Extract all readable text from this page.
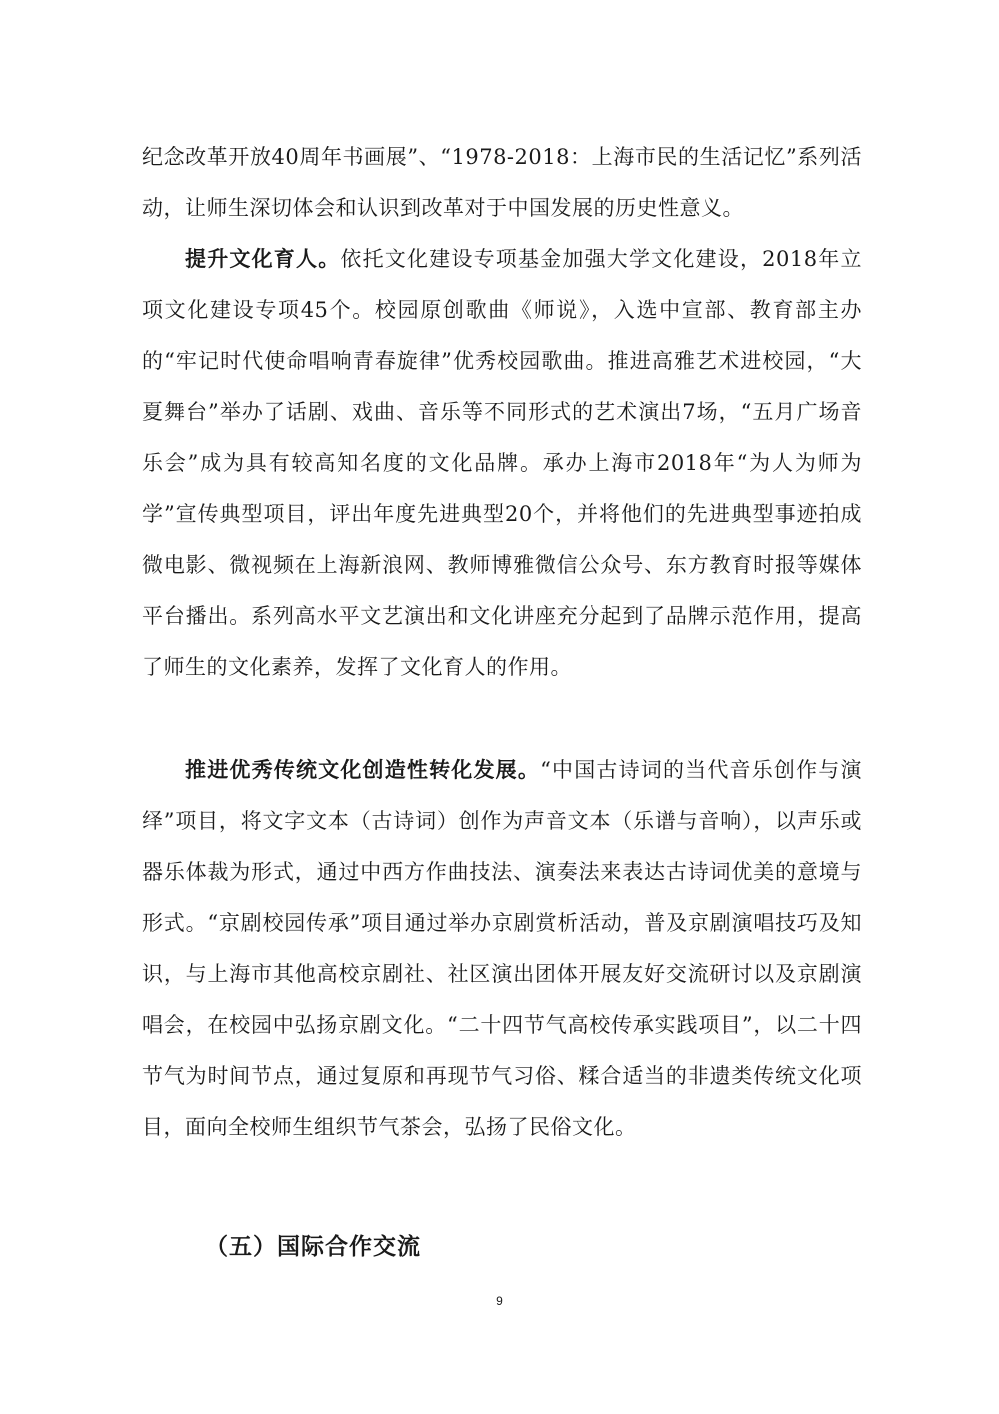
纪念改革开放40周年书画展”、“1978-2018：上海市民的生活记忆”系列活动，让师生深切体会和认识到改革对于中国发展的历史性意义。

提升文化育人。依托文化建设专项基金加强大学文化建设，2018年立项文化建设专项45个。校园原创歌曲《师说》，入选中宣部、教育部主办的“牢记时代使命唱响青春旋律”优秀校园歌曲。推进高雅艺术进校园，“大夏舞台”举办了话剧、戏曲、音乐等不同形式的艺术演出7场，“五月广场音乐会”成为具有较高知名度的文化品牌。承办上海市2018年“为人为师为学”宣传典型项目，评出年度先进典型20个，并将他们的先进典型事迹拍成微电影、微视频在上海新浪网、教师博雅微信公众号、东方教育时报等媒体平台播出。系列高水平文艺演出和文化讲座充分起到了品牌示范作用，提高了师生的文化素养，发挥了文化育人的作用。

推进优秀传统文化创造性转化发展。“中国古诗词的当代音乐创作与演绎”项目，将文字文本（古诗词）创作为声音文本（乐谱与音响），以声乐或器乐体裁为形式，通过中西方作曲技法、演奏法来表达古诗词优美的意境与形式。“京剧校园传承”项目通过举办京剧赏析活动，普及京剧演唱技巧及知识，与上海市其他高校京剧社、社区演出团体开展友好交流研讨以及京剧演唱会，在校园中弘扬京剧文化。“二十四节气高校传承实践项目”，以二十四节气为时间节点，通过复原和再现节气习俗、糅合适当的非遗类传统文化项目，面向全校师生组织节气茶会，弘扬了民俗文化。

（五）国际合作交流
9
